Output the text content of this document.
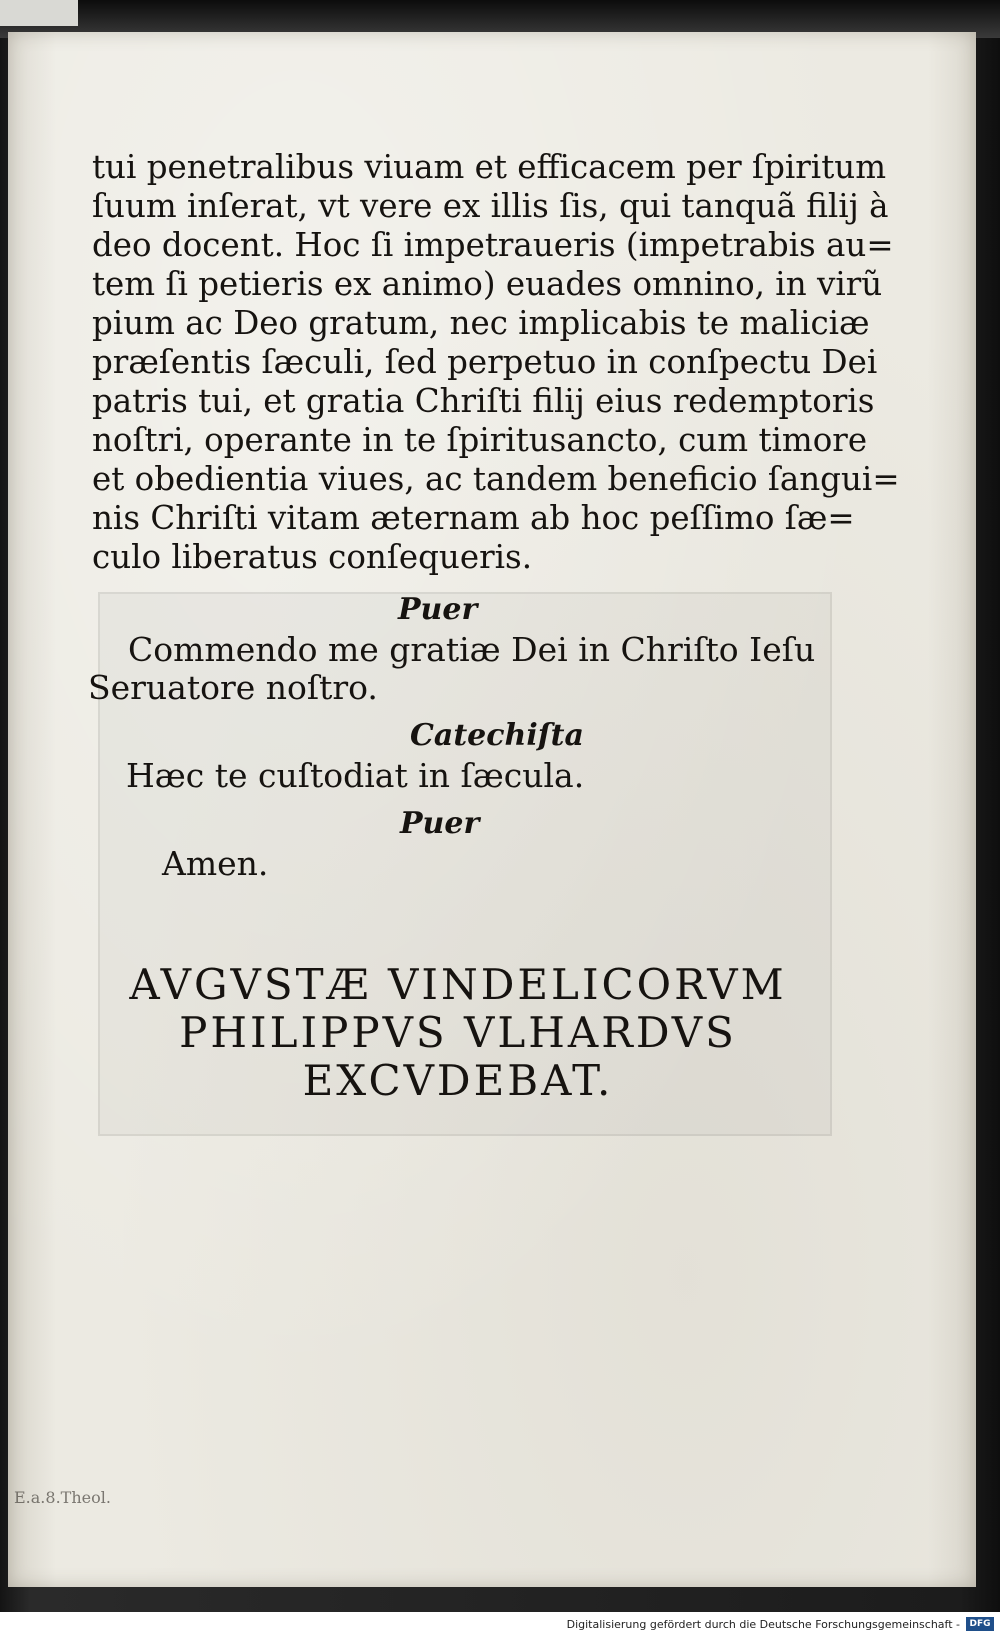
tui penetralibus viuam et efficacem per ſpiritum
ſuum inſerat, vt vere ex illis ſis, qui tanquã filij à
deo docent. Hoc ſi impetraueris (impetrabis au=
tem ſi petieris ex animo) euades omnino, in virũ
pium ac Deo gratum, nec implicabis te maliciæ
præſentis ſæculi, ſed perpetuo in conſpectu Dei
patris tui, et gratia Chriſti filij eius redemptoris
noſtri, operante in te ſpiritusancto, cum timore
et obedientia viues, ac tandem beneficio ſangui=
nis Chriſti vitam æternam ab hoc peſſimo ſæ=
culo liberatus conſequeris.
Puer
Commendo me gratiæ Dei in Chriſto Ieſu
Seruatore noſtro.
Catechiſta
Hæc te cuſtodiat in ſæcula.
Puer
Amen.
AVGVSTÆ VINDELICORVM
PHILIPPVS VLHARDVS
EXCVDEBAT.
E.a.8.Theol.
Digitalisierung gefördert durch die Deutsche Forschungsgemeinschaft -	DFG
